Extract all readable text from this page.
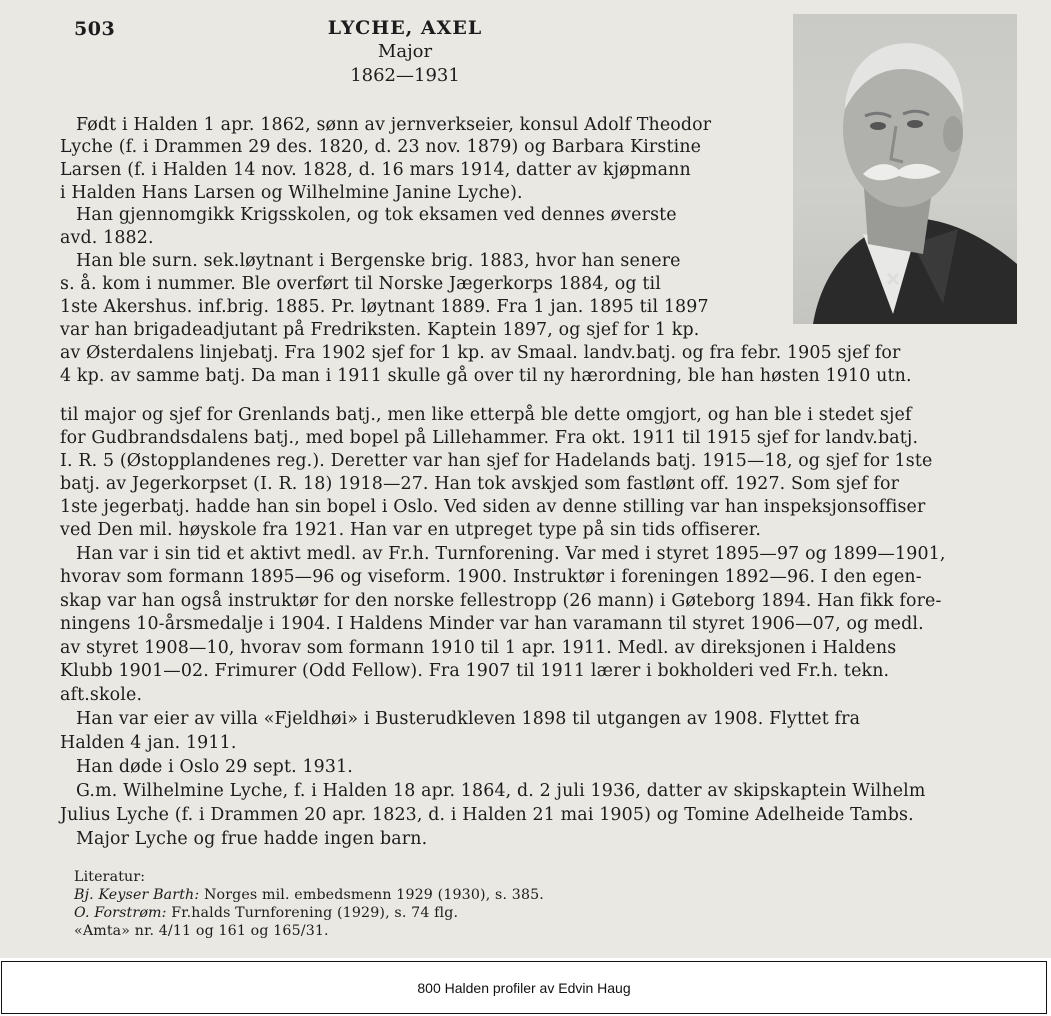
503	LYCHE, AXEL
Major
1862—1931
Født i Halden 1 apr. 1862, sønn av jernverkseier, konsul Adolf Theodor
Lyche (f. i Drammen 29 des. 1820, d. 23 nov. 1879) og Barbara Kirstine
Larsen (f. i Halden 14 nov. 1828, d. 16 mars 1914, datter av kjøpmann
i Halden Hans Larsen og Wilhelmine Janine Lyche).
Han gjennomgikk Krigsskolen, og tok eksamen ved dennes øverste
avd. 1882.
Han ble surn. sek.løytnant i Bergenske brig. 1883, hvor han senere
s. å. kom i nummer. Ble overført til Norske Jægerkorps 1884, og til
1ste Akershus. inf.brig. 1885. Pr. løytnant 1889. Fra 1 jan. 1895 til 1897
var han brigadeadjutant på Fredriksten. Kaptein 1897, og sjef for 1 kp.
av Østerdalens linjebatj. Fra 1902 sjef for 1 kp. av Smaal. landv.batj. og fra febr. 1905 sjef for
4 kp. av samme batj. Da man i 1911 skulle gå over til ny hærordning, ble han høsten 1910 utn.
til major og sjef for Grenlands batj., men like etterpå ble dette omgjort, og han ble i stedet sjef
for Gudbrandsdalens batj., med bopel på Lillehammer. Fra okt. 1911 til 1915 sjef for landv.batj.
I. R. 5 (Østopplandenes reg.). Deretter var han sjef for Hadelands batj. 1915—18, og sjef for 1ste
batj. av Jegerkorpset (I. R. 18) 1918—27. Han tok avskjed som fastlønt off. 1927. Som sjef for
1ste jegerbatj. hadde han sin bopel i Oslo. Ved siden av denne stilling var han inspeksjonsoffiser
ved Den mil. høyskole fra 1921. Han var en utpreget type på sin tids offiserer.
Han var i sin tid et aktivt medl. av Fr.h. Turnforening. Var med i styret 1895—97 og 1899—1901,
hvorav som formann 1895—96 og viseform. 1900. Instruktør i foreningen 1892—96. I den egen-
skap var han også instruktør for den norske fellestropp (26 mann) i Gøteborg 1894. Han fikk fore-
ningens 10-årsmedalje i 1904. I Haldens Minder var han varamann til styret 1906—07, og medl.
av styret 1908—10, hvorav som formann 1910 til 1 apr. 1911. Medl. av direksjonen i Haldens
Klubb 1901—02. Frimurer (Odd Fellow). Fra 1907 til 1911 lærer i bokholderi ved Fr.h. tekn.
aft.skole.
Han var eier av villa «Fjeldhøi» i Busterudkleven 1898 til utgangen av 1908. Flyttet fra
Halden 4 jan. 1911.
Han døde i Oslo 29 sept. 1931.
G.m. Wilhelmine Lyche, f. i Halden 18 apr. 1864, d. 2 juli 1936, datter av skipskaptein Wilhelm
Julius Lyche (f. i Drammen 20 apr. 1823, d. i Halden 21 mai 1905) og Tomine Adelheide Tambs.
Major Lyche og frue hadde ingen barn.
Literatur:
Bj. Keyser Barth: Norges mil. embedsmenn 1929 (1930), s. 385.
O. Forstrøm: Fr.halds Turnforening (1929), s. 74 flg.
«Amta» nr. 4/11 og 161 og 165/31.
800 Halden profiler av Edvin Haug
